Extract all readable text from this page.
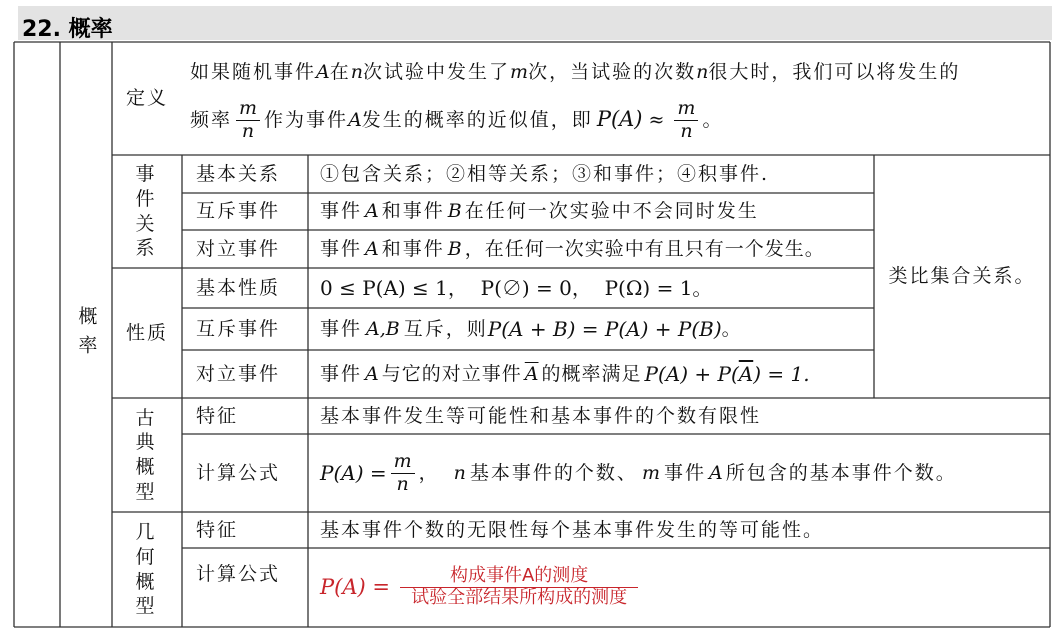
22. 概率
概率
定义
如果随机事件 A 在 n 次试验中发生了 m 次，当试验的次数 n 很大时，我们可以将发生的
频率 $\frac{m}{n}$ 作为事件 A 发生的概率的近似值，即 $P(A) \approx \frac{m}{n}$ 。
事件关系
基本关系 ①包含关系；②相等关系；③和事件；④积事件.
互斥事件 事件 A 和事件 B 在任何一次实验中不会同时发生
对立事件 事件 A 和事件 B ，在任何一次实验中有且只有一个发生。
类比集合关系。
性质
基本性质 0 ≤ P(A) ≤ 1，  P(∅) = 0，  P(Ω) = 1。
互斥事件 事件 A,B 互斥，则 P(A + B) = P(A) + P(B) 。
对立事件 事件 A 与它的对立事件 $\overline{A}$ 的概率满足 P(A) + P( $\overline{A}$ ) = 1.
古典概型
特征	基本事件发生等可能性和基本事件的个数有限性
计算公式 $P(A) = \frac{m}{n}$ ， n 基本事件的个数、 m 事件 A 所包含的基本事件个数。
几何概型
特征	基本事件个数的无限性每个基本事件发生的等可能性。
计算公式
$P(A) = \frac{\text{构成事件A的测度}}{\text{试验全部结果所构成的测度}}$
